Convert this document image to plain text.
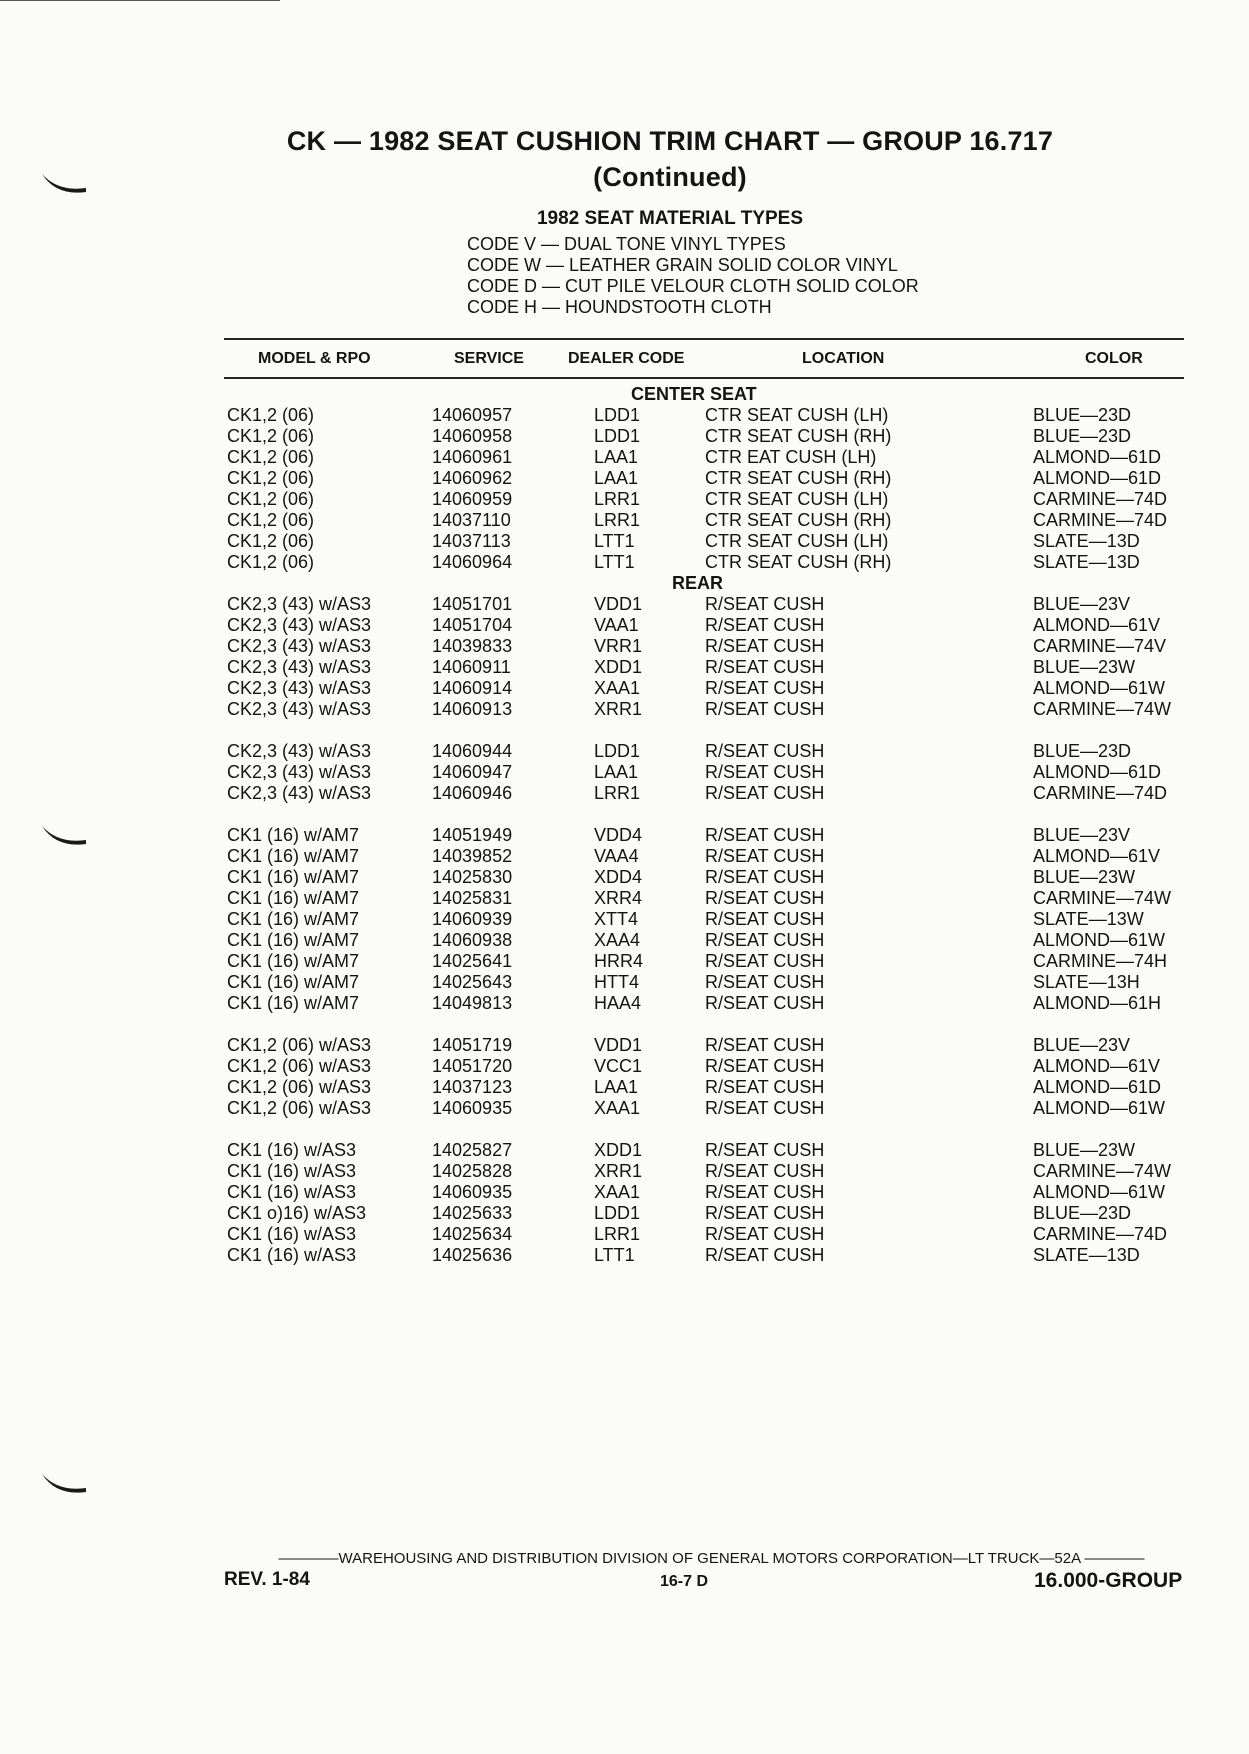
CK — 1982 SEAT CUSHION TRIM CHART — GROUP 16.717
(Continued)
1982 SEAT MATERIAL TYPES
CODE V — DUAL TONE VINYL TYPES
CODE W — LEATHER GRAIN SOLID COLOR VINYL
CODE D — CUT PILE VELOUR CLOTH SOLID COLOR
CODE H — HOUNDSTOOTH CLOTH
MODEL & RPO	SERVICE	DEALER CODE	LOCATION	COLOR
CENTER SEAT
CK1,2 (06)	14060957	LDD1	CTR SEAT CUSH (LH)	BLUE—23D
CK1,2 (06)	14060958	LDD1	CTR SEAT CUSH (RH)	BLUE—23D
CK1,2 (06)	14060961	LAA1	CTR EAT CUSH (LH)	ALMOND—61D
CK1,2 (06)	14060962	LAA1	CTR SEAT CUSH (RH)	ALMOND—61D
CK1,2 (06)	14060959	LRR1	CTR SEAT CUSH (LH)	CARMINE—74D
CK1,2 (06)	14037110	LRR1	CTR SEAT CUSH (RH)	CARMINE—74D
CK1,2 (06)	14037113	LTT1	CTR SEAT CUSH (LH)	SLATE—13D
CK1,2 (06)	14060964	LTT1	CTR SEAT CUSH (RH)	SLATE—13D
REAR
CK2,3 (43) w/AS3	14051701	VDD1	R/SEAT CUSH	BLUE—23V
CK2,3 (43) w/AS3	14051704	VAA1	R/SEAT CUSH	ALMOND—61V
CK2,3 (43) w/AS3	14039833	VRR1	R/SEAT CUSH	CARMINE—74V
CK2,3 (43) w/AS3	14060911	XDD1	R/SEAT CUSH	BLUE—23W
CK2,3 (43) w/AS3	14060914	XAA1	R/SEAT CUSH	ALMOND—61W
CK2,3 (43) w/AS3	14060913	XRR1	R/SEAT CUSH	CARMINE—74W
CK2,3 (43) w/AS3	14060944	LDD1	R/SEAT CUSH	BLUE—23D
CK2,3 (43) w/AS3	14060947	LAA1	R/SEAT CUSH	ALMOND—61D
CK2,3 (43) w/AS3	14060946	LRR1	R/SEAT CUSH	CARMINE—74D
CK1 (16) w/AM7	14051949	VDD4	R/SEAT CUSH	BLUE—23V
CK1 (16) w/AM7	14039852	VAA4	R/SEAT CUSH	ALMOND—61V
CK1 (16) w/AM7	14025830	XDD4	R/SEAT CUSH	BLUE—23W
CK1 (16) w/AM7	14025831	XRR4	R/SEAT CUSH	CARMINE—74W
CK1 (16) w/AM7	14060939	XTT4	R/SEAT CUSH	SLATE—13W
CK1 (16) w/AM7	14060938	XAA4	R/SEAT CUSH	ALMOND—61W
CK1 (16) w/AM7	14025641	HRR4	R/SEAT CUSH	CARMINE—74H
CK1 (16) w/AM7	14025643	HTT4	R/SEAT CUSH	SLATE—13H
CK1 (16) w/AM7	14049813	HAA4	R/SEAT CUSH	ALMOND—61H
CK1,2 (06) w/AS3	14051719	VDD1	R/SEAT CUSH	BLUE—23V
CK1,2 (06) w/AS3	14051720	VCC1	R/SEAT CUSH	ALMOND—61V
CK1,2 (06) w/AS3	14037123	LAA1	R/SEAT CUSH	ALMOND—61D
CK1,2 (06) w/AS3	14060935	XAA1	R/SEAT CUSH	ALMOND—61W
CK1 (16) w/AS3	14025827	XDD1	R/SEAT CUSH	BLUE—23W
CK1 (16) w/AS3	14025828	XRR1	R/SEAT CUSH	CARMINE—74W
CK1 (16) w/AS3	14060935	XAA1	R/SEAT CUSH	ALMOND—61W
CK1 o)16) w/AS3	14025633	LDD1	R/SEAT CUSH	BLUE—23D
CK1 (16) w/AS3	14025634	LRR1	R/SEAT CUSH	CARMINE—74D
CK1 (16) w/AS3	14025636	LTT1	R/SEAT CUSH	SLATE—13D
————WAREHOUSING AND DISTRIBUTION DIVISION OF GENERAL MOTORS CORPORATION—LT TRUCK—52A ————
REV. 1-84	16-7 D	16.000-GROUP
